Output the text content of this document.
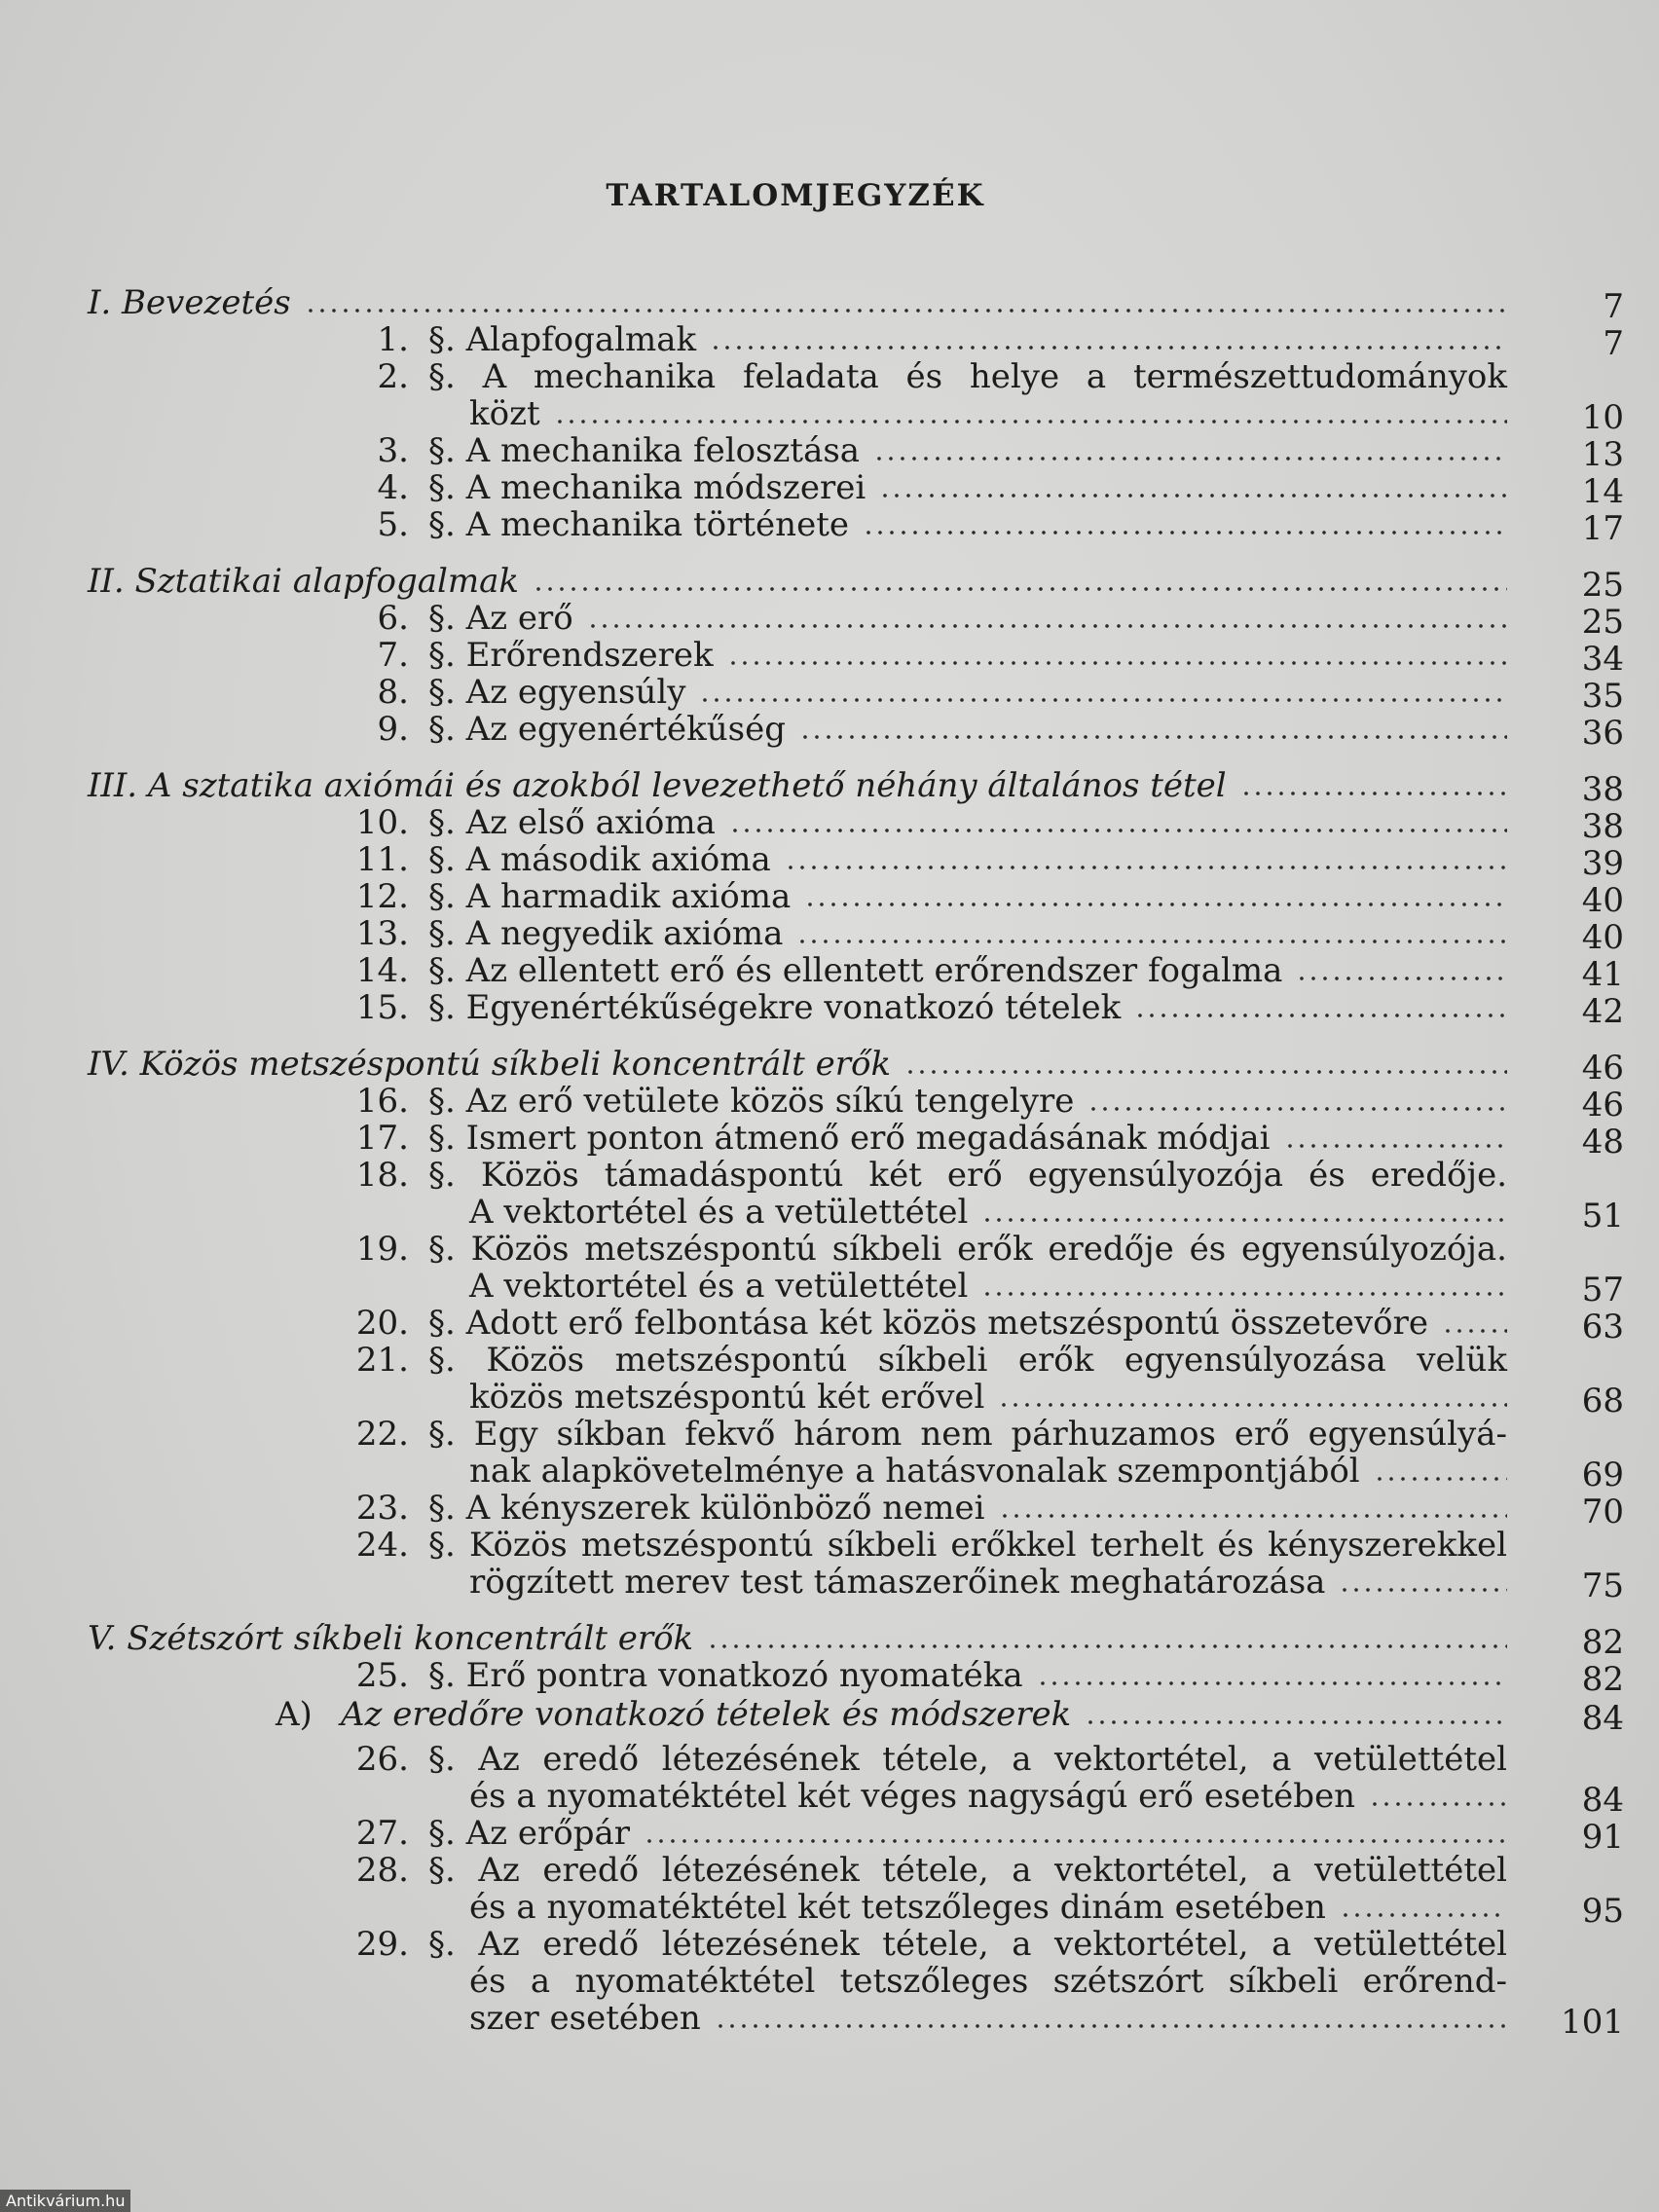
TARTALOMJEGYZÉK
I. Bevezetés	7
1. §. Alapfogalmak	7
2. §. A mechanika feladata és helye a természettudományok
közt	10
3. §. A mechanika felosztása	13
4. §. A mechanika módszerei	14
5. §. A mechanika története	17
II. Sztatikai alapfogalmak	25
6. §. Az erő	25
7. §. Erőrendszerek	34
8. §. Az egyensúly	35
9. §. Az egyenértékűség	36
III. A sztatika axiómái és azokból levezethető néhány általános tétel	38
10. §. Az első axióma	38
11. §. A második axióma	39
12. §. A harmadik axióma	40
13. §. A negyedik axióma	40
14. §. Az ellentett erő és ellentett erőrendszer fogalma	41
15. §. Egyenértékűségekre vonatkozó tételek	42
IV. Közös metszéspontú síkbeli koncentrált erők	46
16. §. Az erő vetülete közös síkú tengelyre	46
17. §. Ismert ponton átmenő erő megadásának módjai	48
18. §. Közös támadáspontú két erő egyensúlyozója és eredője.
A vektortétel és a vetülettétel	51
19. §. Közös metszéspontú síkbeli erők eredője és egyensúlyozója.
A vektortétel és a vetülettétel	57
20. §. Adott erő felbontása két közös metszéspontú összetevőre	63
21. §. Közös metszéspontú síkbeli erők egyensúlyozása velük
közös metszéspontú két erővel	68
22. §. Egy síkban fekvő három nem párhuzamos erő egyensúlyá-
nak alapkövetelménye a hatásvonalak szempontjából	69
23. §. A kényszerek különböző nemei	70
24. §. Közös metszéspontú síkbeli erőkkel terhelt és kényszerekkel
rögzített merev test támaszerőinek meghatározása	75
V. Szétszórt síkbeli koncentrált erők	82
25. §. Erő pontra vonatkozó nyomatéka	82
A) Az eredőre vonatkozó tételek és módszerek	84
26. §. Az eredő létezésének tétele, a vektortétel, a vetülettétel
és a nyomatéktétel két véges nagyságú erő esetében	84
27. §. Az erőpár	91
28. §. Az eredő létezésének tétele, a vektortétel, a vetülettétel
és a nyomatéktétel két tetszőleges dinám esetében	95
29. §. Az eredő létezésének tétele, a vektortétel, a vetülettétel
és a nyomatéktétel tetszőleges szétszórt síkbeli erőrend-
szer esetében	101
Antikvárium.hu
